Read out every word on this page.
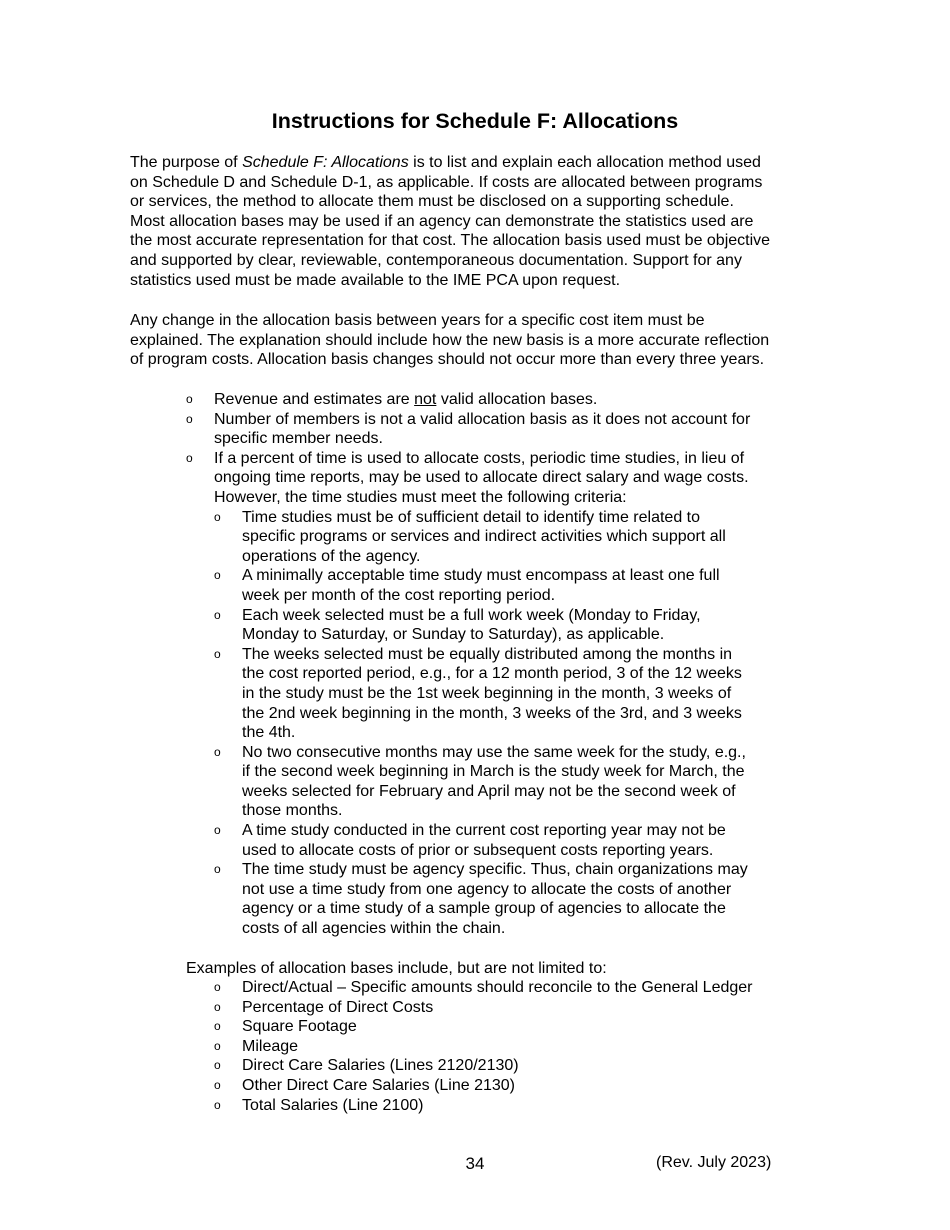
Instructions for Schedule F: Allocations

The purpose of Schedule F: Allocations is to list and explain each allocation method used
on Schedule D and Schedule D-1, as applicable. If costs are allocated between programs
or services, the method to allocate them must be disclosed on a supporting schedule.
Most allocation bases may be used if an agency can demonstrate the statistics used are
the most accurate representation for that cost. The allocation basis used must be objective
and supported by clear, reviewable, contemporaneous documentation. Support for any
statistics used must be made available to the IME PCA upon request.

Any change in the allocation basis between years for a specific cost item must be
explained. The explanation should include how the new basis is a more accurate reflection
of program costs. Allocation basis changes should not occur more than every three years.

o Revenue and estimates are not valid allocation bases.
o Number of members is not a valid allocation basis as it does not account for
specific member needs.
o If a percent of time is used to allocate costs, periodic time studies, in lieu of
ongoing time reports, may be used to allocate direct salary and wage costs.
However, the time studies must meet the following criteria:
o Time studies must be of sufficient detail to identify time related to
specific programs or services and indirect activities which support all
operations of the agency.
o A minimally acceptable time study must encompass at least one full
week per month of the cost reporting period.
o Each week selected must be a full work week (Monday to Friday,
Monday to Saturday, or Sunday to Saturday), as applicable.
o The weeks selected must be equally distributed among the months in
the cost reported period, e.g., for a 12 month period, 3 of the 12 weeks
in the study must be the 1st week beginning in the month, 3 weeks of
the 2nd week beginning in the month, 3 weeks of the 3rd, and 3 weeks
the 4th.
o No two consecutive months may use the same week for the study, e.g.,
if the second week beginning in March is the study week for March, the
weeks selected for February and April may not be the second week of
those months.
o A time study conducted in the current cost reporting year may not be
used to allocate costs of prior or subsequent costs reporting years.
o The time study must be agency specific. Thus, chain organizations may
not use a time study from one agency to allocate the costs of another
agency or a time study of a sample group of agencies to allocate the
costs of all agencies within the chain.
Examples of allocation bases include, but are not limited to:
o Direct/Actual – Specific amounts should reconcile to the General Ledger
o Percentage of Direct Costs
o Square Footage
o Mileage
o Direct Care Salaries (Lines 2120/2130)
o Other Direct Care Salaries (Line 2130)
o Total Salaries (Line 2100)
34	(Rev. July 2023)
